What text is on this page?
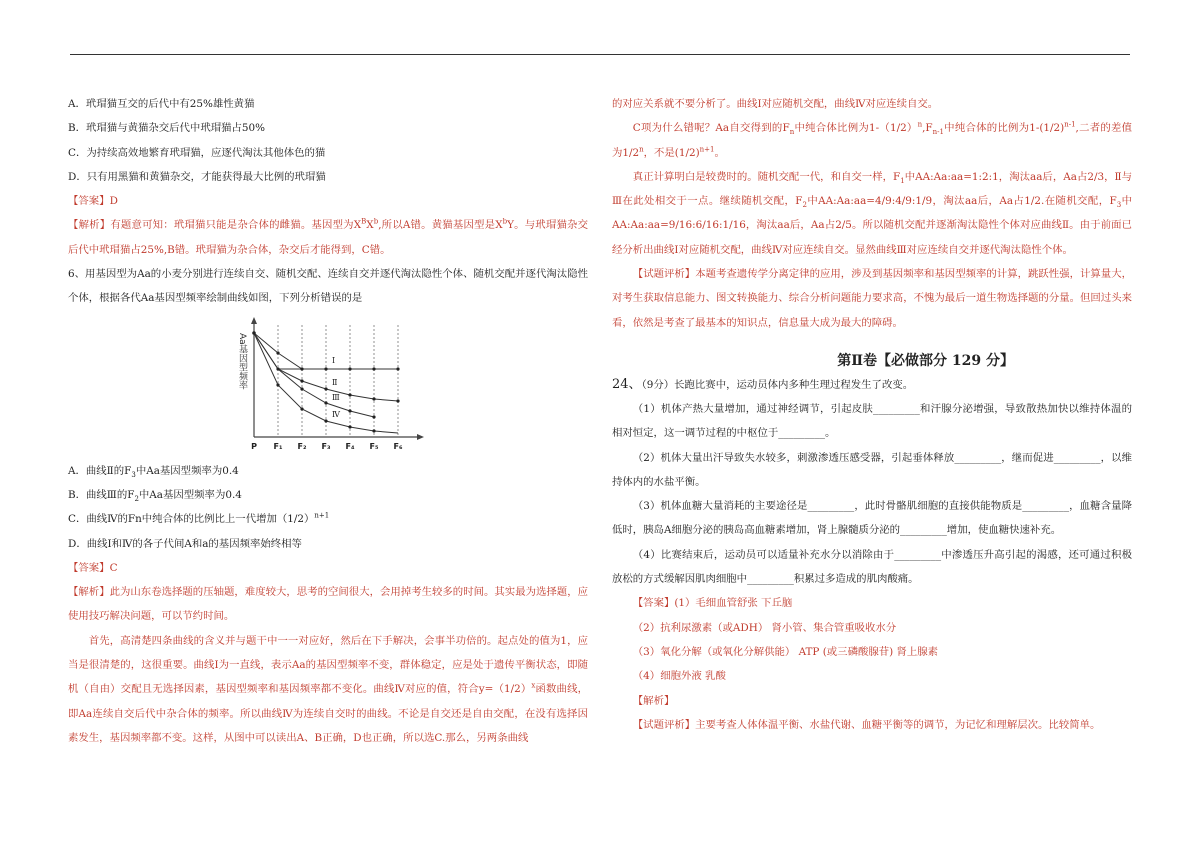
A．玳瑁猫互交的后代中有25%雄性黄猫

B．玳瑁猫与黄猫杂交后代中玳瑁猫占50%

C．为持续高效地繁育玳瑁猫，应逐代淘汰其他体色的猫

D．只有用黑猫和黄猫杂交，才能获得最大比例的玳瑁猫

【答案】D

【解析】有题意可知：玳瑁猫只能是杂合体的雌猫。基因型为$X^BX^b$,所以A错。黄猫基因型是$X^bY$。与玳瑁猫杂交后代中玳瑁猫占25%,B错。玳瑁猫为杂合体，杂交后才能得到，C错。

6、用基因型为Aa的小麦分别进行连续自交、随机交配、连续自交并逐代淘汰隐性个体、随机交配并逐代淘汰隐性个体，根据各代Aa基因型频率绘制曲线如图，下列分析错误的是

Aa基因型频率	Ⅰ
Ⅱ
Ⅲ
Ⅳ
P F₁ F₂ F₃ F₄ F₅ F₆

A．曲线Ⅱ的$F_3$中Aa基因型频率为0.4

B．曲线Ⅲ的$F_2$中Aa基因型频率为0.4

C．曲线Ⅳ的Fn中纯合体的比例比上一代增加$(1/2)^{n+1}$

D．曲线Ⅰ和Ⅳ的各子代间A和a的基因频率始终相等

【答案】C

【解析】此为山东卷选择题的压轴题，难度较大，思考的空间很大，会用掉考生较多的时间。其实最为选择题，应使用技巧解决问题，可以节约时间。

首先，高清楚四条曲线的含义并与题干中一一对应好，然后在下手解决，会事半功倍的。起点处的值为1，应当是很清楚的，这很重要。曲线Ⅰ为一直线，表示Aa的基因型频率不变，群体稳定，应是处于遗传平衡状态，即随机（自由）交配且无选择因素，基因型频率和基因频率都不变化。曲线Ⅳ对应的值，符合$y=(1/2)^x$函数曲线，即Aa连续自交后代中杂合体的频率。所以曲线Ⅳ为连续自交时的曲线。不论是自交还是自由交配，在没有选择因素发生，基因频率都不变。这样，从图中可以读出A、B正确，D也正确，所以选C.那么，另两条曲线

的对应关系就不要分析了。曲线Ⅰ对应随机交配，曲线Ⅳ对应连续自交。

C项为什么错呢？Aa自交得到的$F_n$中纯合体比例为$1-(1/2)^n,F_{n-1}$中纯合体的比例为$1-(1/2)^{n-1}$,二者的差值为1/2$^n$，不是$(1/2)^{n+1}$。

真正计算明白是较费时的。随机交配一代，和自交一样，$F_1$中AA:Aa:aa=1:2:1，淘汰aa后，Aa占2/3，Ⅱ与Ⅲ在此处相交于一点。继续随机交配，$F_2$中AA:Aa:aa=4/9:4/9:1/9，淘汰aa后，Aa占1/2.在随机交配，$F_3$中AA:Aa:aa=9/16:6/16:1/16，淘汰aa后，Aa占2/5。所以随机交配并逐渐淘汰隐性个体对应曲线Ⅱ。由于前面已经分析出曲线Ⅰ对应随机交配，曲线Ⅳ对应连续自交。显然曲线Ⅲ对应连续自交并逐代淘汰隐性个体。

【试题评析】本题考查遗传学分离定律的应用，涉及到基因频率和基因型频率的计算，跳跃性强，计算量大，对考生获取信息能力、图文转换能力、综合分析问题能力要求高，不愧为最后一道生物选择题的分量。但回过头来看，依然是考查了最基本的知识点，信息量大成为最大的障碍。

第Ⅱ卷【必做部分 129 分】

24、（9分）长跑比赛中，运动员体内多种生理过程发生了改变。

（1）机体产热大量增加，通过神经调节，引起皮肤_________和汗腺分泌增强，导致散热加快以维持体温的相对恒定，这一调节过程的中枢位于_________。

（2）机体大量出汗导致失水较多，刺激渗透压感受器，引起垂体释放_________，继而促进_________，以维持体内的水盐平衡。

（3）机体血糖大量消耗的主要途径是_________，此时骨骼肌细胞的直接供能物质是_________，血糖含量降低时，胰岛A细胞分泌的胰岛高血糖素增加，肾上腺髓质分泌的_________增加，使血糖快速补充。

（4）比赛结束后，运动员可以适量补充水分以消除由于_________中渗透压升高引起的渴感，还可通过积极放松的方式缓解因肌肉细胞中_________积累过多造成的肌肉酸痛。

【答案】(1）毛细血管舒张 下丘脑

（2）抗利尿激素（或ADH） 肾小管、集合管重吸收水分

（3）氧化分解（或氧化分解供能） ATP (或三磷酸腺苷) 肾上腺素

（4）细胞外液 乳酸

【解析】

【试题评析】主要考查人体体温平衡、水盐代谢、血糖平衡等的调节，为记忆和理解层次。比较简单。
